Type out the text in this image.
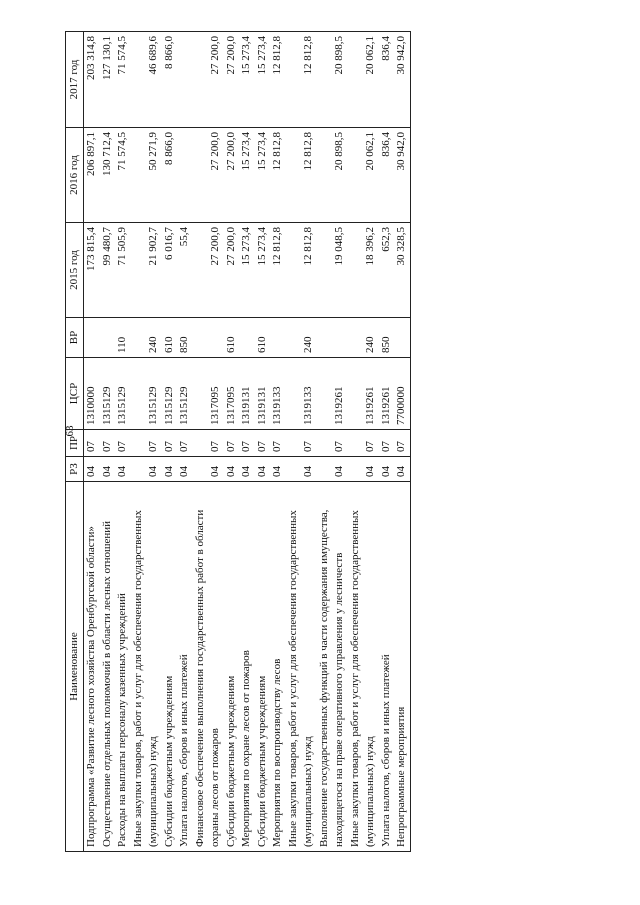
63
Наименование	РЗ	ПР	ЦСР	ВР	2015 год	2016 год	2017 год
Подпрограмма «Развитие лесного хозяйства Оренбургской области»	04	07	1310000		173 815,4	206 897,1	203 314,8
Осуществление отдельных полномочий в области лесных отношений	04	07	1315129		99 480,7	130 712,4	127 130,1
Расходы на выплаты персоналу казенных учреждений	04	07	1315129	110	71 505,9	71 574,5	71 574,5
Иные закупки товаров, работ и услуг для обеспечения государственных (муниципальных) нужд	04	07	1315129	240	21 902,7	50 271,9	46 689,6
Субсидии бюджетным учреждениям	04	07	1315129	610	6 016,7	8 866,0	8 866,0
Уплата налогов, сборов и иных платежей	04	07	1315129	850	55,4		
Финансовое обеспечение выполнения государственных работ в области охраны лесов от пожаров	04	07	1317095		27 200,0	27 200,0	27 200,0
Субсидии бюджетным учреждениям	04	07	1317095	610	27 200,0	27 200,0	27 200,0
Мероприятия по охране лесов от пожаров	04	07	1319131		15 273,4	15 273,4	15 273,4
Субсидии бюджетным учреждениям	04	07	1319131	610	15 273,4	15 273,4	15 273,4
Мероприятия по воспроизводству лесов	04	07	1319133		12 812,8	12 812,8	12 812,8
Иные закупки товаров, работ и услуг для обеспечения государственных (муниципальных) нужд	04	07	1319133	240	12 812,8	12 812,8	12 812,8
Выполнение государственных функций в части содержания имущества, находящегося на праве оперативного управления у лесничеств	04	07	1319261		19 048,5	20 898,5	20 898,5
Иные закупки товаров, работ и услуг для обеспечения государственных (муниципальных) нужд	04	07	1319261	240	18 396,2	20 062,1	20 062,1
Уплата налогов, сборов и иных платежей	04	07	1319261	850	652,3	836,4	836,4
Непрограммные мероприятия	04	07	7700000		30 328,5	30 942,0	30 942,0
